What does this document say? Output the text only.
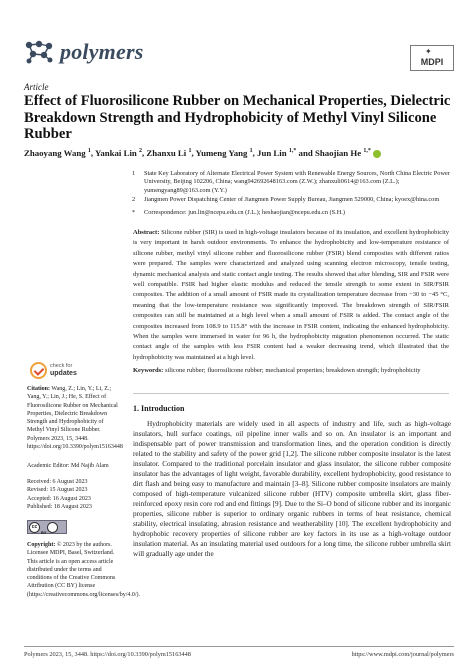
polymers	✦
MDPI
Article
Effect of Fluorosilicone Rubber on Mechanical Properties, Dielectric Breakdown Strength and Hydrophobicity of Methyl Vinyl Silicone Rubber
Zhaoyang Wang $^1$, Yankai Lin $^2$, Zhanxu Li $^1$, Yumeng Yang $^1$, Jun Lin $^{1,*}$ and Shaojian He $^{1,*}$
1 State Key Laboratory of Alternate Electrical Power System with Renewable Energy Sources, North China Electric Power University, Beijing 102206, China; wang942692648163.com (Z.W.); zhanxuli0614@163.com (Z.L.); yumengyang89@163.com (Y.Y.)
2 Jiangmen Power Dispatching Center of Jiangmen Power Supply Bureau, Jiangmen 529000, China; kyoex@hina.com
* Correspondence: jun.lin@ncepu.edu.cn (J.L.); heshaojian@ncepu.edu.cn (S.H.)
Abstract: Silicone rubber (SIR) is used in high-voltage insulators because of its insulation, and excellent hydrophobicity is very important in harsh outdoor environments. To enhance the hydrophobicity and low-temperature resistance of silicone rubber, methyl vinyl silicone rubber and fluorosilicone rubber (FSIR) blend composites with different ratios were prepared. The samples were characterized and analyzed using scanning electron microscopy, tensile testing, dynamic mechanical analysis and static contact angle testing. The results showed that after blending, SIR and FSIR were well compatible. FSIR had higher elastic modulus and reduced the tensile strength to some extent in SIR/FSIR composites. The addition of a small amount of FSIR made its crystallization temperature decrease from −30 to −45 °C, meaning that the low-temperature resistance was significantly improved. The breakdown strength of SIR/FSIR composites can still be maintained at a high level when a small amount of FSIR is added. The contact angle of the composites increased from 108.9 to 115.8° with the increase in FSIR content, indicating the enhanced hydrophobicity. When the samples were immersed in water for 96 h, the hydrophobicity migration phenomenon occurred. The static contact angle of the samples with less FSIR content had a weaker decreasing trend, which illustrated that the hydrophobicity was maintained at a high level.
Keywords: silicone rubber; fluorosilicone rubber; mechanical properties; breakdown strength; hydrophobicity
check for
updates
Citation: Wang, Z.; Lin, Y.; Li, Z.; Yang, Y.; Lin, J.; He, S. Effect of Fluorosilicone Rubber on Mechanical Properties, Dielectric Breakdown Strength and Hydrophobicity of Methyl Vinyl Silicone Rubber. Polymers 2023, 15, 3448. https://doi.org/10.3390/polym15163448
Academic Editor: Md Najib Alam
Received: 6 August 2023
Revised: 15 August 2023
Accepted: 16 August 2023
Published: 18 August 2023
cc
BY
Copyright: © 2023 by the authors. Licensee MDPI, Basel, Switzerland. This article is an open access article distributed under the terms and conditions of the Creative Commons Attribution (CC BY) license (https://creativecommons.org/licenses/by/4.0/).
1. Introduction
Hydrophobicity materials are widely used in all aspects of industry and life, such as high-voltage insulators, hull surface coatings, oil pipeline inner walls and so on. An insulator is an important and indispensable part of power transmission and transformation lines, and the operation condition is directly related to the stability and safety of the power grid [1,2]. The silicone rubber composite insulator is the latest insulator. Compared to the traditional porcelain insulator and glass insulator, the silicone rubber composite insulator has the advantages of light weight, favorable durability, excellent hydrophobicity, good resistance to dirt flash and being easy to manufacture and maintain [3–8]. Silicone rubber composite insulators are mainly composed of high-temperature vulcanized silicone rubber (HTV) composite umbrella skirt, glass fiber-reinforced epoxy resin core rod and end fittings [9]. Due to the Si–O bond of silicone rubber and its inorganic properties, silicone rubber is superior to ordinary organic rubbers in terms of heat resistance, chemical stability, electrical insulating, abrasion resistance and weatherability [10]. The excellent hydrophobicity and hydrophobic recovery properties of silicone rubber are key factors in its use as a high-voltage outdoor insulation material. As an insulating material used outdoors for a long time, the silicone rubber umbrella skirt will gradually age under the
Polymers 2023, 15, 3448. https://doi.org/10.3390/polym15163448	https://www.mdpi.com/journal/polymers
